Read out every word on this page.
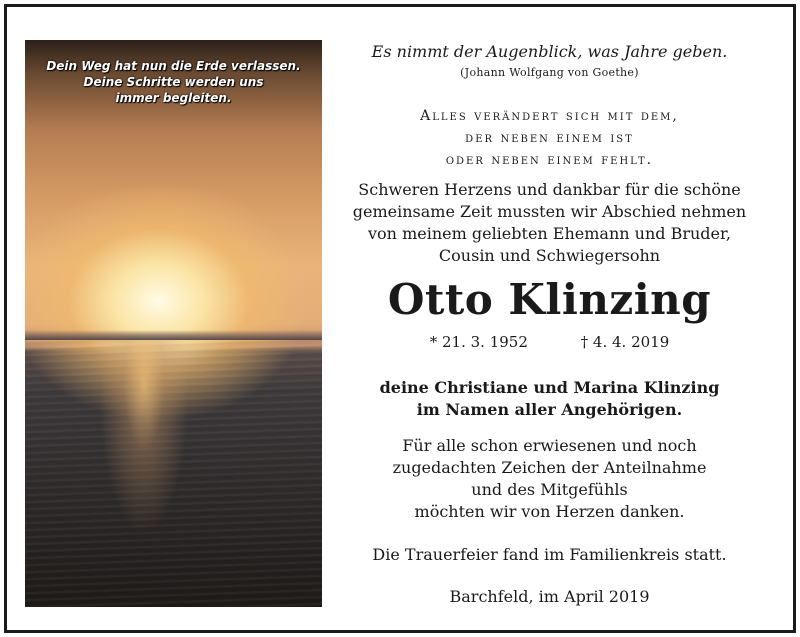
Dein Weg hat nun die Erde verlassen.
Deine Schritte werden uns
immer begleiten.
Es nimmt der Augenblick, was Jahre geben.
(Johann Wolfgang von Goethe)
Alles verändert sich mit dem,
der neben einem ist
oder neben einem fehlt.
Schweren Herzens und dankbar für die schöne
gemeinsame Zeit mussten wir Abschied nehmen
von meinem geliebten Ehemann und Bruder,
Cousin und Schwiegersohn
Otto Klinzing
* 21. 3. 1952	† 4. 4. 2019
deine Christiane und Marina Klinzing
im Namen aller Angehörigen.
Für alle schon erwiesenen und noch
zugedachten Zeichen der Anteilnahme
und des Mitgefühls
möchten wir von Herzen danken.
Die Trauerfeier fand im Familienkreis statt.
Barchfeld, im April 2019
